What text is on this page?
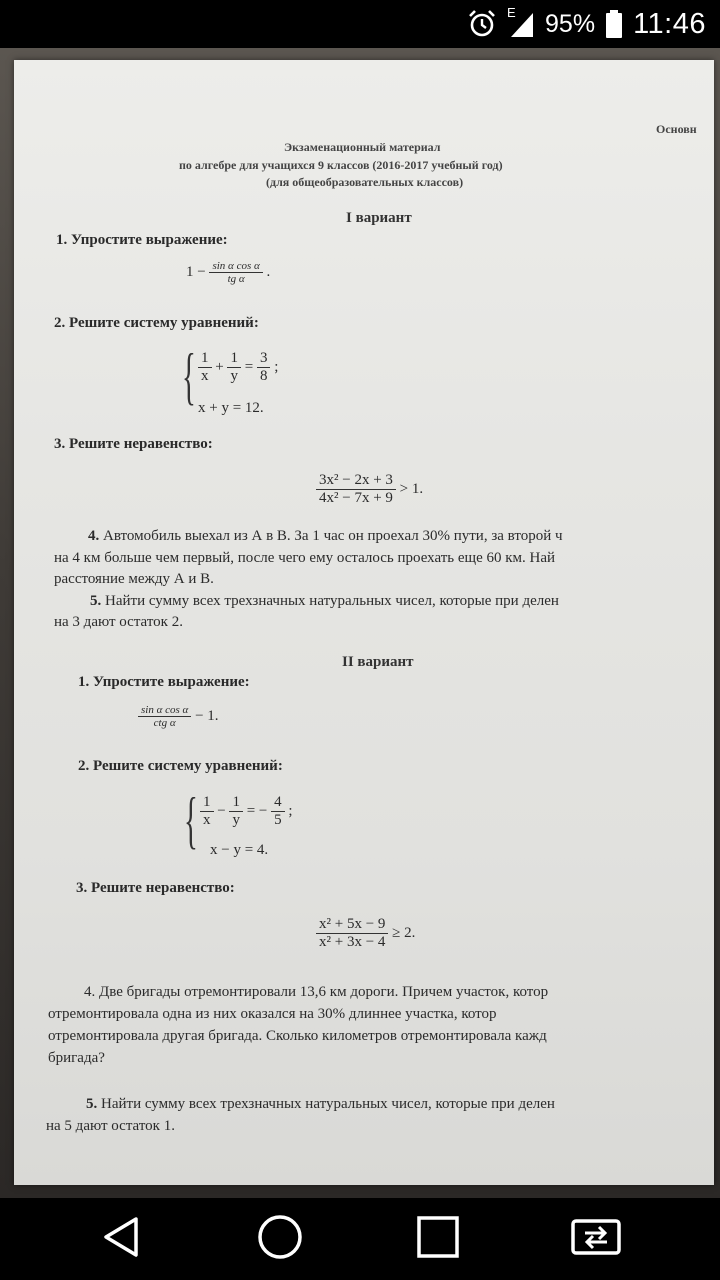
E 95% 11:46
Основн
Экзаменационный материал
по алгебре для учащихся 9 классов (2016-2017 учебный год)
(для общеобразовательных классов)
I вариант
1. Упростите выражение:
$1 - \frac{\text{sin α cos α}}{\text{tg α}}$ .
2. Решите систему уравнений:
{ $\frac{1}{x} + \frac{1}{y} = \frac{3}{8}$ ;
x + y = 12.
3. Решите неравенство:
$\frac{\text{3x² − 2x + 3}}{\text{4x² − 7x + 9}} > 1$.
4. Автомобиль выехал из А в В. За 1 час он проехал 30% пути, за второй ч
на 4 км больше чем первый, после чего ему осталось проехать еще 60 км. Най
расстояние между А и В.
5. Найти сумму всех трехзначных натуральных чисел, которые при делен
на 3 дают остаток 2.
II вариант
1. Упростите выражение:
sin α cos α
ctg α − 1.
2. Решите систему уравнений:
{ $\frac{1}{x} - \frac{1}{y}$ = − $\frac{4}{5}$ ;
x − y = 4.
3. Решите неравенство:
$\frac{\text{x² + 5x − 9}}{\text{x² + 3x − 4}} \ge 2$.
4. Две бригады отремонтировали 13,6 км дороги. Причем участок, котор
отремонтировала одна из них оказался на 30% длиннее участка, котор
отремонтировала другая бригада. Сколько километров отремонтировала кажд
бригада?
5. Найти сумму всех трехзначных натуральных чисел, которые при делен
на 5 дают остаток 1.
